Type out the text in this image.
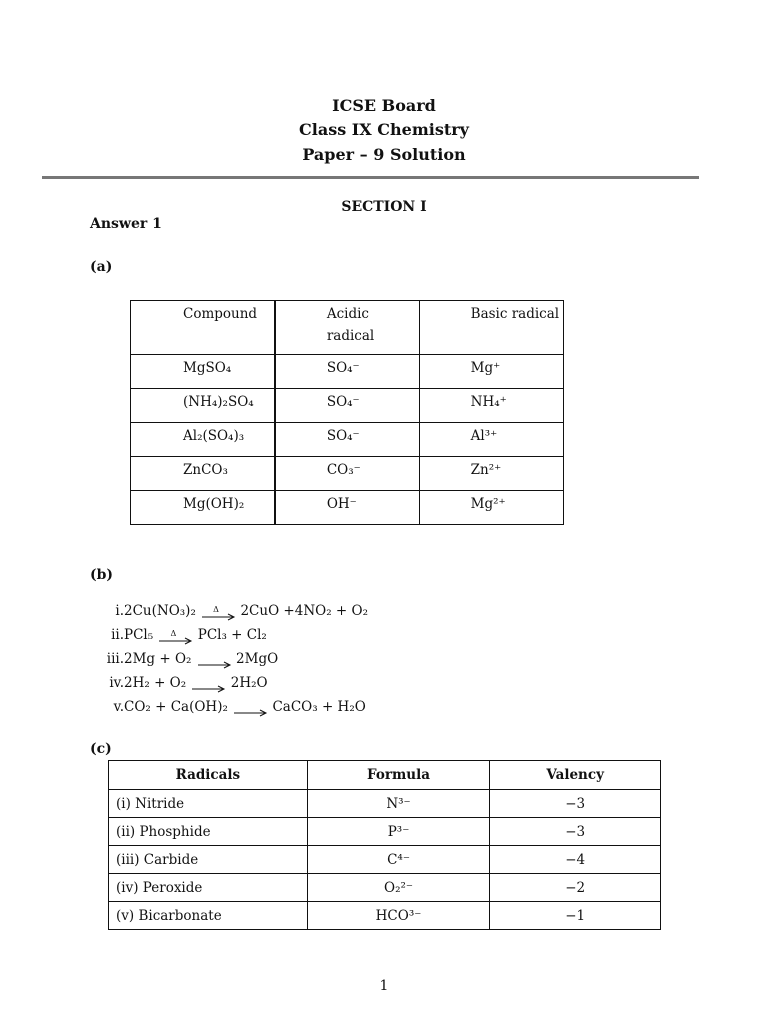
ICSE Board
Class IX Chemistry
Paper – 9 Solution
SECTION I
Answer 1
(a)
Compound	Acidic radical	Basic radical
MgSO₄	SO₄⁻	Mg⁺
(NH₄)₂SO₄	SO₄⁻	NH₄⁺
Al₂(SO₄)₃	SO₄⁻	Al³⁺
ZnCO₃	CO₃⁻	Zn²⁺
Mg(OH)₂	OH⁻	Mg²⁺
(b)
i. 2Cu(NO₃)₂ Δ 2CuO +4NO₂ + O₂
ii. PCl₅ Δ PCl₃ + Cl₂
iii. 2Mg + O₂	2MgO
iv. 2H₂ + O₂	2H₂O
v. CO₂ + Ca(OH)₂	CaCO₃ + H₂O
(c)
Radicals	Formula	Valency
(i) Nitride	N³⁻	−3
(ii) Phosphide	P³⁻	−3
(iii) Carbide	C⁴⁻	−4
(iv) Peroxide	O₂²⁻	−2
(v) Bicarbonate	HCO³⁻	−1
1
